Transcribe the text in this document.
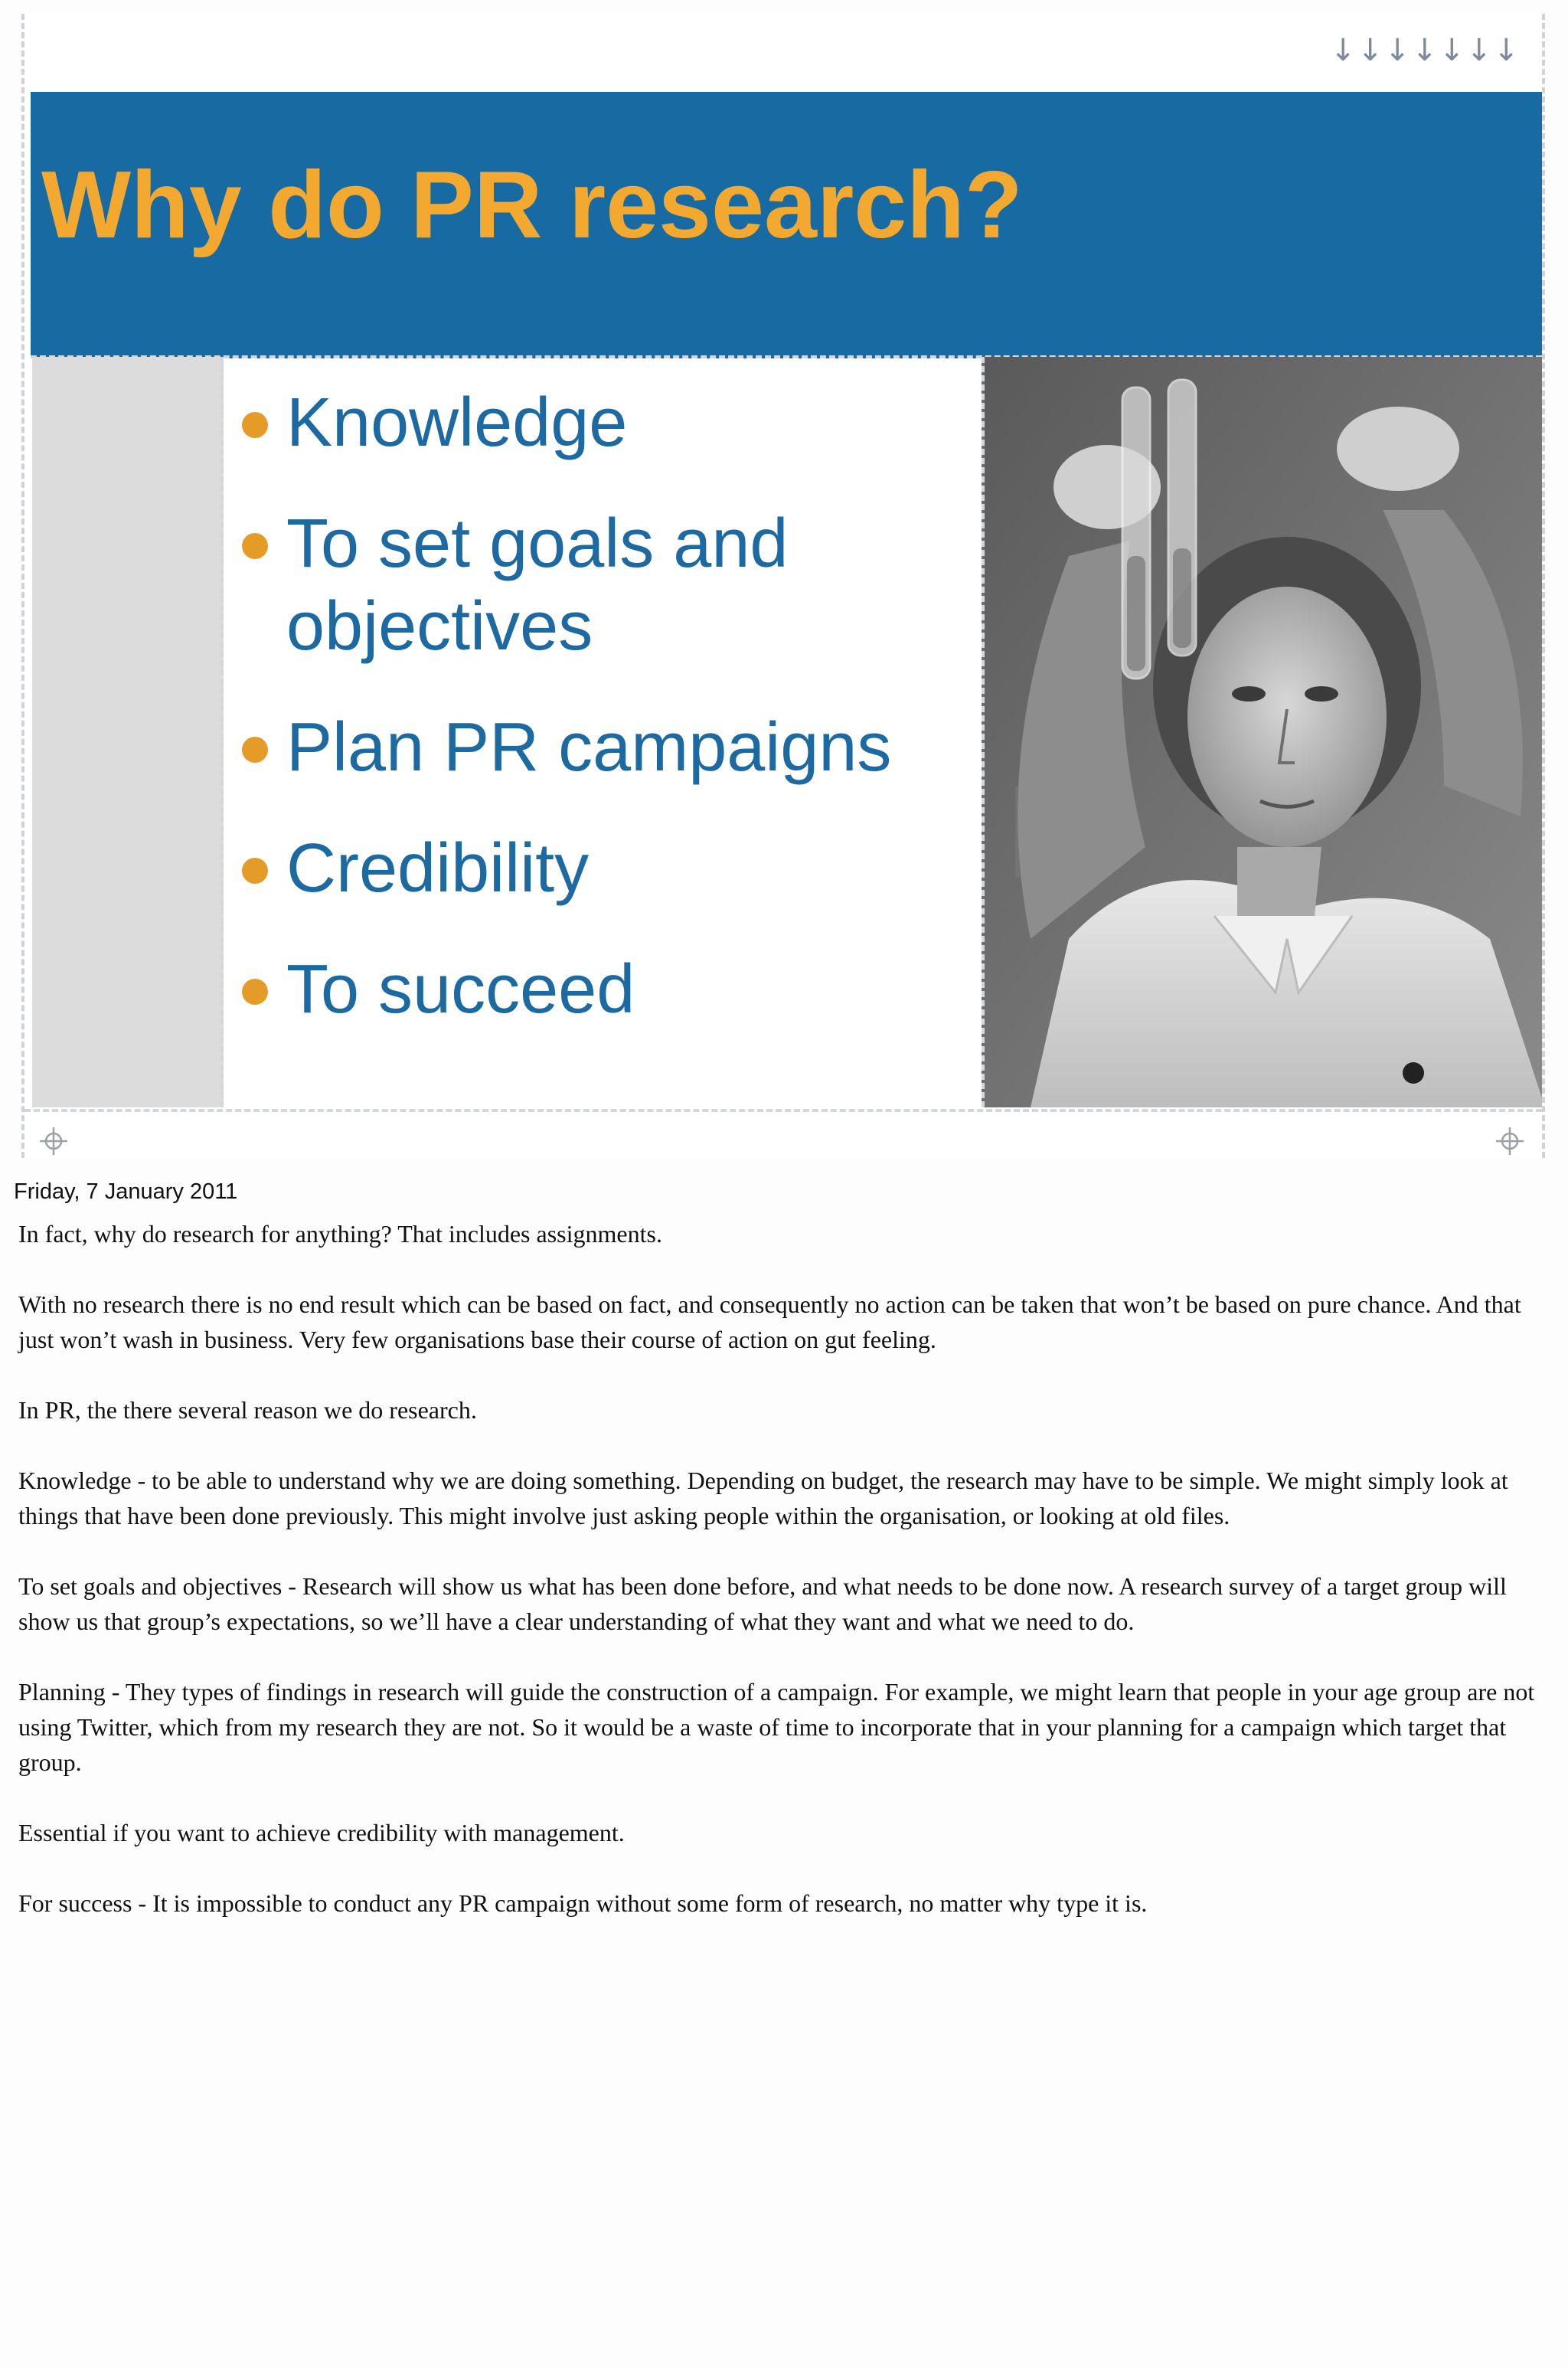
↓↓↓↓↓↓↓
Why do PR research?
Knowledge
To set goals and objectives
Plan PR campaigns
Credibility
To succeed
Friday, 7 January 2011

In fact, why do research for anything? That includes assignments.

With no research there is no end result which can be based on fact, and consequently no action can be taken that won’t be based on pure chance. And that just won’t wash in business. Very few organisations base their course of action on gut feeling.

In PR, the there several reason we do research.

Knowledge - to be able to understand why we are doing something. Depending on budget, the research may have to be simple. We might simply look at things that have been done previously. This might involve just asking people within the organisation, or looking at old files.

To set goals and objectives - Research will show us what has been done before, and what needs to be done now. A research survey of a target group will show us that group’s expectations, so we’ll have a clear understanding of what they want and what we need to do.

Planning - They types of findings in research will guide the construction of a campaign. For example, we might learn that people in your age group are not using Twitter, which from my research they are not. So it would be a waste of time to incorporate that in your planning for a campaign which target that group.

Essential if you want to achieve credibility with management.

For success - It is impossible to conduct any PR campaign without some form of research, no matter why type it is.
